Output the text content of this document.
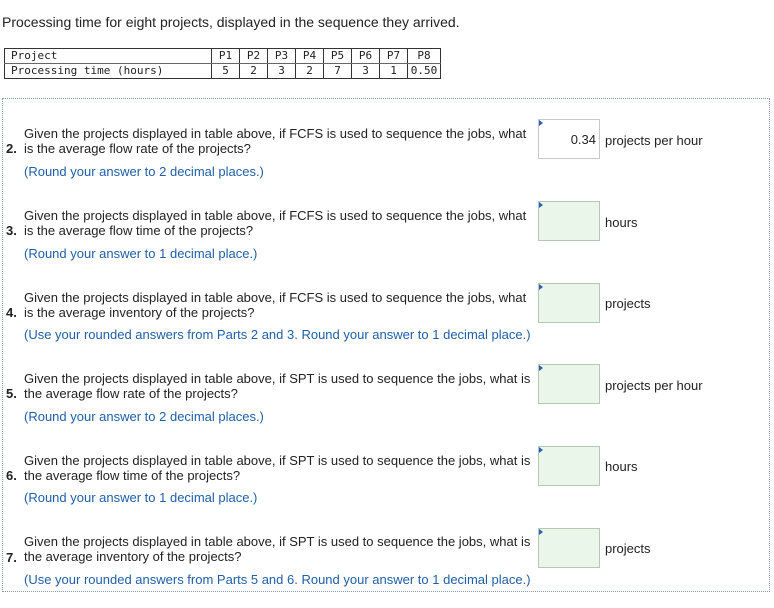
Processing time for eight projects, displayed in the sequence they arrived.
Project	P1	P2	P3	P4	P5	P6	P7	P8
Processing time (hours)	5	2	3	2	7	3	1	0.50
2.
Given the projects displayed in table above, if FCFS is used to sequence the jobs, what is the average flow rate of the projects?
(Round your answer to 2 decimal places.)
0.34 projects per hour
3.
Given the projects displayed in table above, if FCFS is used to sequence the jobs, what is the average flow time of the projects?
(Round your answer to 1 decimal place.)
hours
4.
Given the projects displayed in table above, if FCFS is used to sequence the jobs, what is the average inventory of the projects?
(Use your rounded answers from Parts 2 and 3. Round your answer to 1 decimal place.)
projects
5.
Given the projects displayed in table above, if SPT is used to sequence the jobs, what is the average flow rate of the projects?
(Round your answer to 2 decimal places.)
projects per hour
6.
Given the projects displayed in table above, if SPT is used to sequence the jobs, what is the average flow time of the projects?
(Round your answer to 1 decimal place.)
hours
7.
Given the projects displayed in table above, if SPT is used to sequence the jobs, what is the average inventory of the projects?
(Use your rounded answers from Parts 5 and 6. Round your answer to 1 decimal place.)
projects
